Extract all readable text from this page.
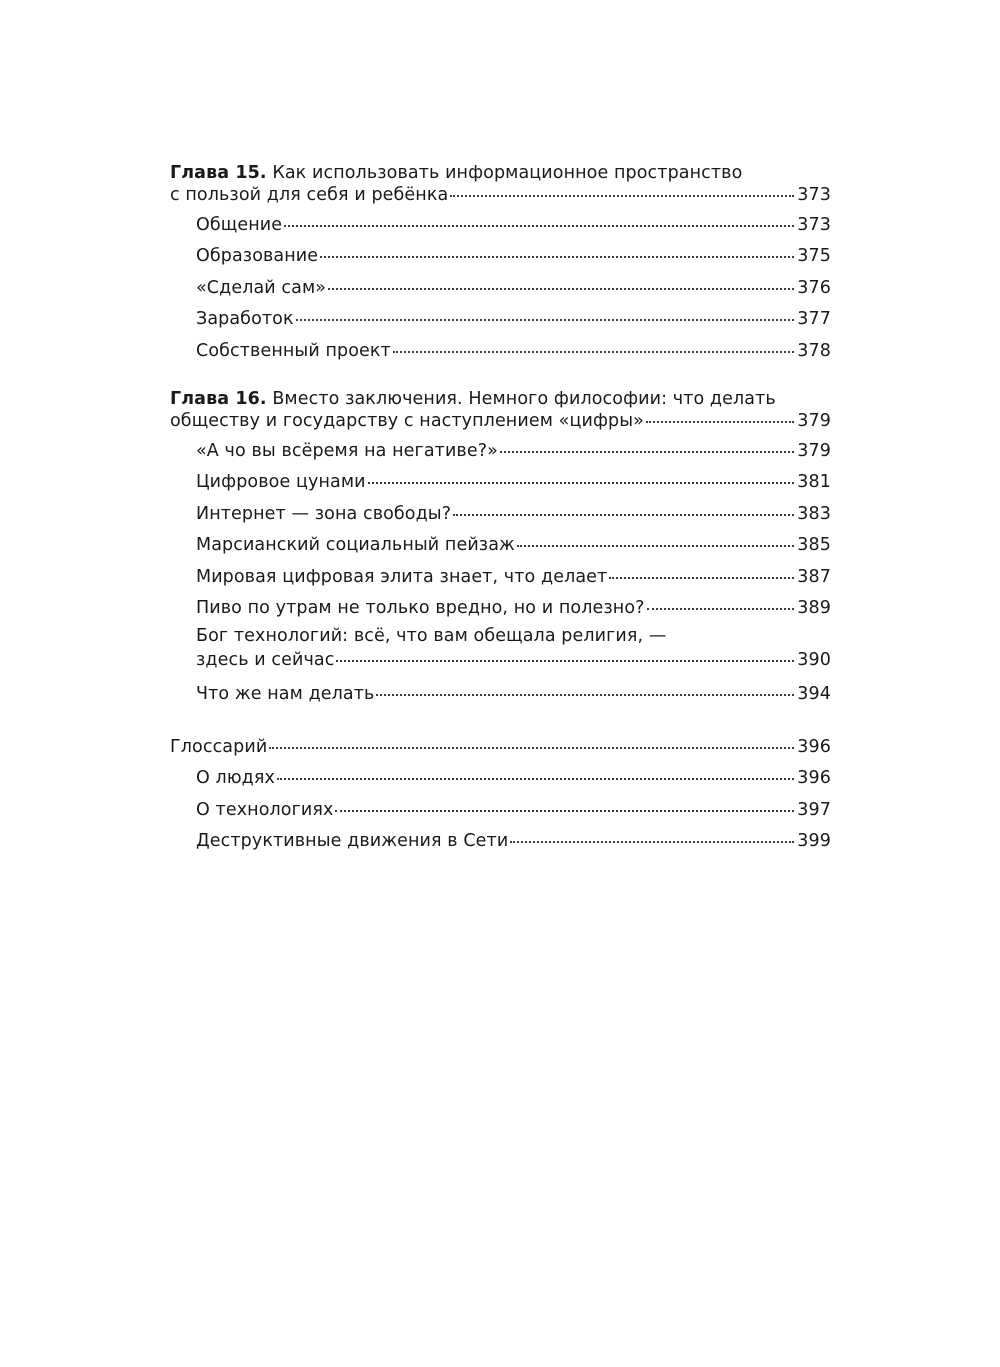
Глава 15. Как использовать информационное пространство
с пользой для себя и ребёнка	373
Общение	373
Образование	375
«Сделай сам»	376
Заработок	377
Собственный проект	378
Глава 16. Вместо заключения. Немного философии: что делать
обществу и государству с наступлением «цифры»	379
«А чо вы всёремя на негативе?»	379
Цифровое цунами	381
Интернет — зона свободы?	383
Марсианский социальный пейзаж	385
Мировая цифровая элита знает, что делает	387
Пиво по утрам не только вредно, но и полезно?	389
Бог технологий: всё, что вам обещала религия, —
здесь и сейчас	390
Что же нам делать	394
Глоссарий	396
О людях	396
О технологиях	397
Деструктивные движения в Сети	399
